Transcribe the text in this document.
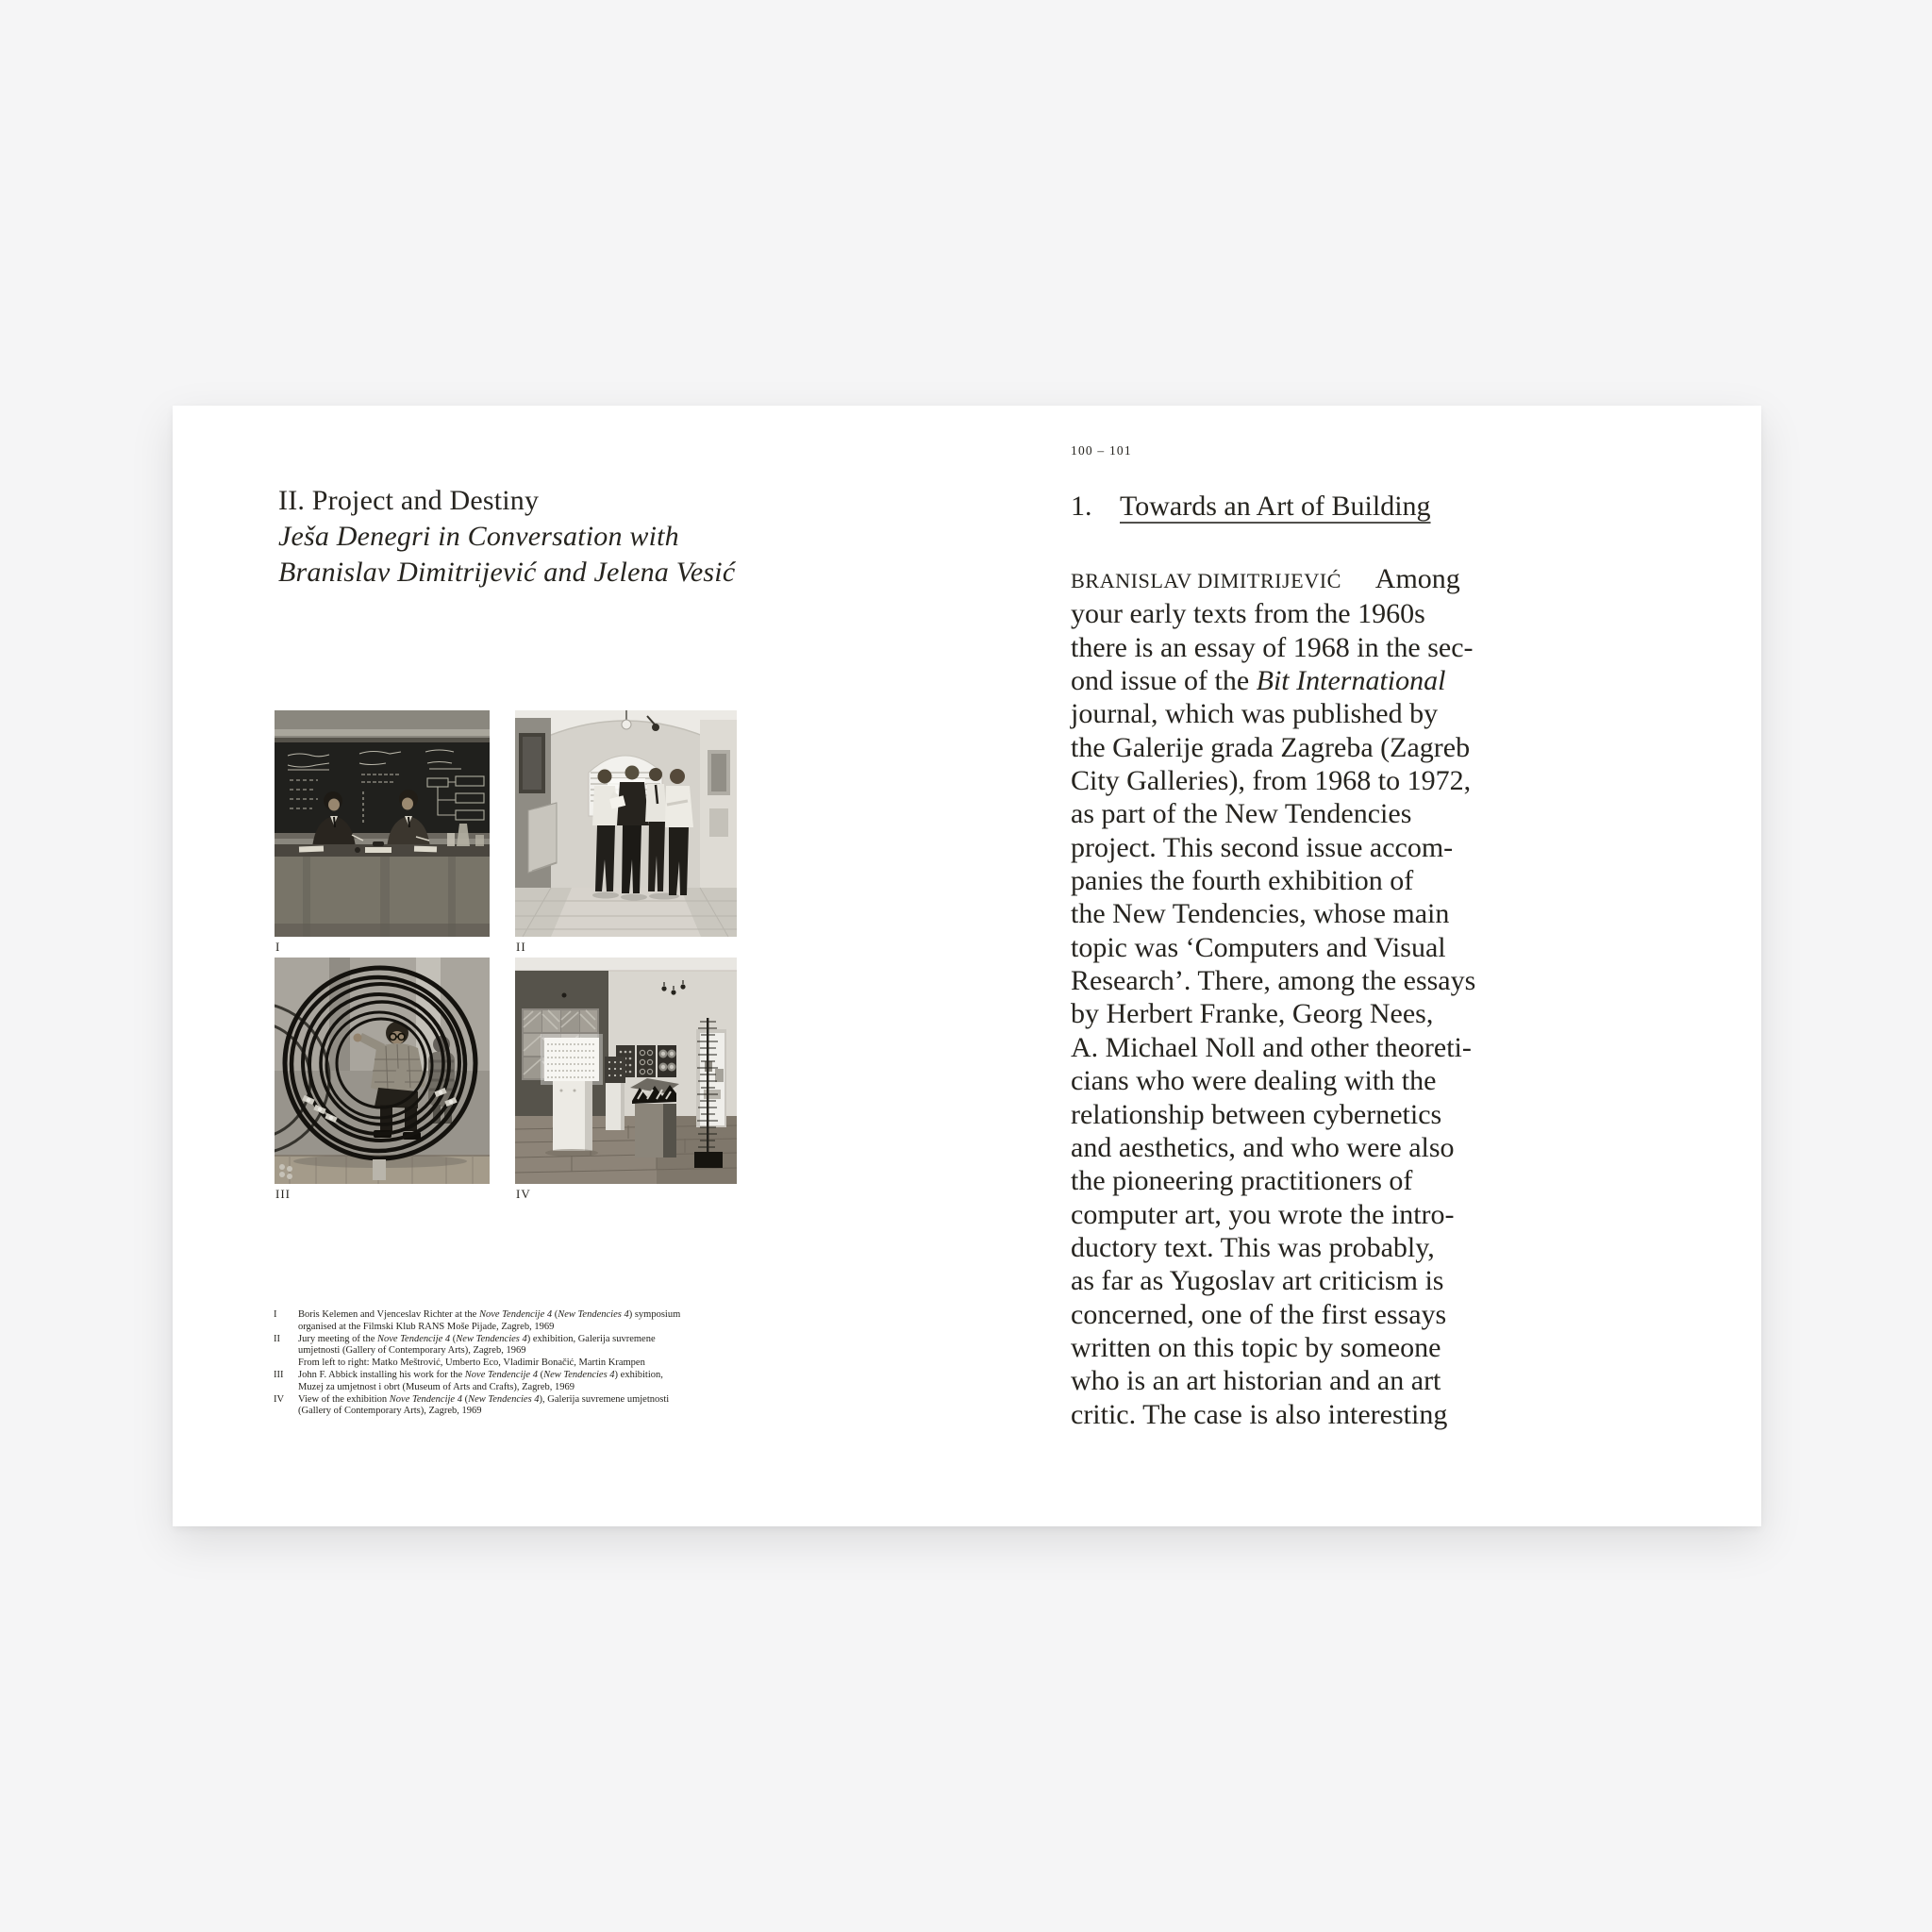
II. Project and Destiny
Ješa Denegri in Conversation with
Branislav Dimitrijević and Jelena Vesić
I	II
III	IV
I	Boris Kelemen and Vjenceslav Richter at the Nove Tendencije 4 (New Tendencies 4) symposium
organised at the Filmski Klub RANS Moše Pijade, Zagreb, 1969
II	Jury meeting of the Nove Tendencije 4 (New Tendencies 4) exhibition, Galerija suvremene
umjetnosti (Gallery of Contemporary Arts), Zagreb, 1969
From left to right: Matko Meštrović, Umberto Eco, Vladimir Bonačić, Martin Krampen
III	John F. Abbick installing his work for the Nove Tendencije 4 (New Tendencies 4) exhibition,
Muzej za umjetnost i obrt (Museum of Arts and Crafts), Zagreb, 1969
IV	View of the exhibition Nove Tendencije 4 (New Tendencies 4), Galerija suvremene umjetnosti
(Gallery of Contemporary Arts), Zagreb, 1969
100 – 101
1. Towards an Art of Building
BRANISLAV DIMITRIJEVIĆ  Among
your early texts from the 1960s
there is an essay of 1968 in the sec-
ond issue of the Bit International
journal, which was published by
the Galerije grada Zagreba (Zagreb
City Galleries), from 1968 to 1972,
as part of the New Tendencies
project. This second issue accom-
panies the fourth exhibition of
the New Tendencies, whose main
topic was ‘Computers and Visual
Research’. There, among the essays
by Herbert Franke, Georg Nees,
A. Michael Noll and other theoreti-
cians who were dealing with the
relationship between cybernetics
and aesthetics, and who were also
the pioneering practitioners of
computer art, you wrote the intro-
ductory text. This was probably,
as far as Yugoslav art criticism is
concerned, one of the first essays
written on this topic by someone
who is an art historian and an art
critic. The case is also interesting
